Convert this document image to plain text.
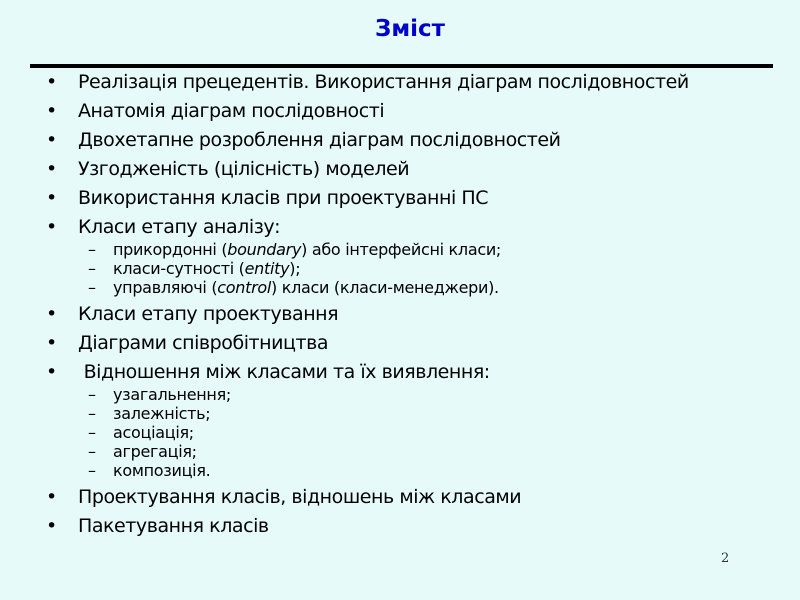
Зміст
• Реалізація прецедентів. Використання діаграм послідовностей
• Анатомія діаграм послідовності
• Двохетапне розроблення діаграм послідовностей
• Узгодженість (цілісність) моделей
• Використання класів при проектуванні ПС
• Класи етапу аналізу:
– прикордонні (boundary) або інтерфейсні класи;
– класи-сутності (entity);
– управляючі (control) класи (класи-менеджери).
• Класи етапу проектування
• Діаграми співробітництва
• Відношення між класами та їх виявлення:
– узагальнення;
– залежність;
– асоціація;
– агрегація;
– композиція.
• Проектування класів, відношень між класами
• Пакетування класів
2
